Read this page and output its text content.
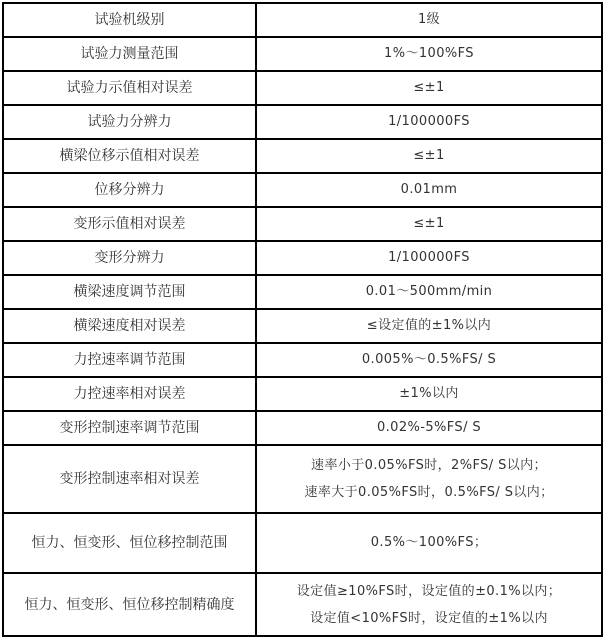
试验机级别	1级
试验力测量范围	1%～100%FS
试验力示值相对误差	≤±1
试验力分辨力	1/100000FS
横梁位移示值相对误差	≤±1
位移分辨力	0.01mm
变形示值相对误差	≤±1
变形分辨力	1/100000FS
横梁速度调节范围	0.01～500mm/min
横梁速度相对误差	≤设定值的±1%以内
力控速率调节范围	0.005%～0.5%FS/ S
力控速率相对误差	±1%以内
变形控制速率调节范围	0.02%-5%FS/ S
变形控制速率相对误差	速率小于0.05%FS时，2%FS/ S以内；
速率大于0.05%FS时，0.5%FS/ S以内；

恒力、恒变形、恒位移控制范围	0.5%～100%FS；
恒力、恒变形、恒位移控制精确度	设定值≥10%FS时，设定值的±0.1%以内；
设定值<10%FS时，设定值的±1%以内
